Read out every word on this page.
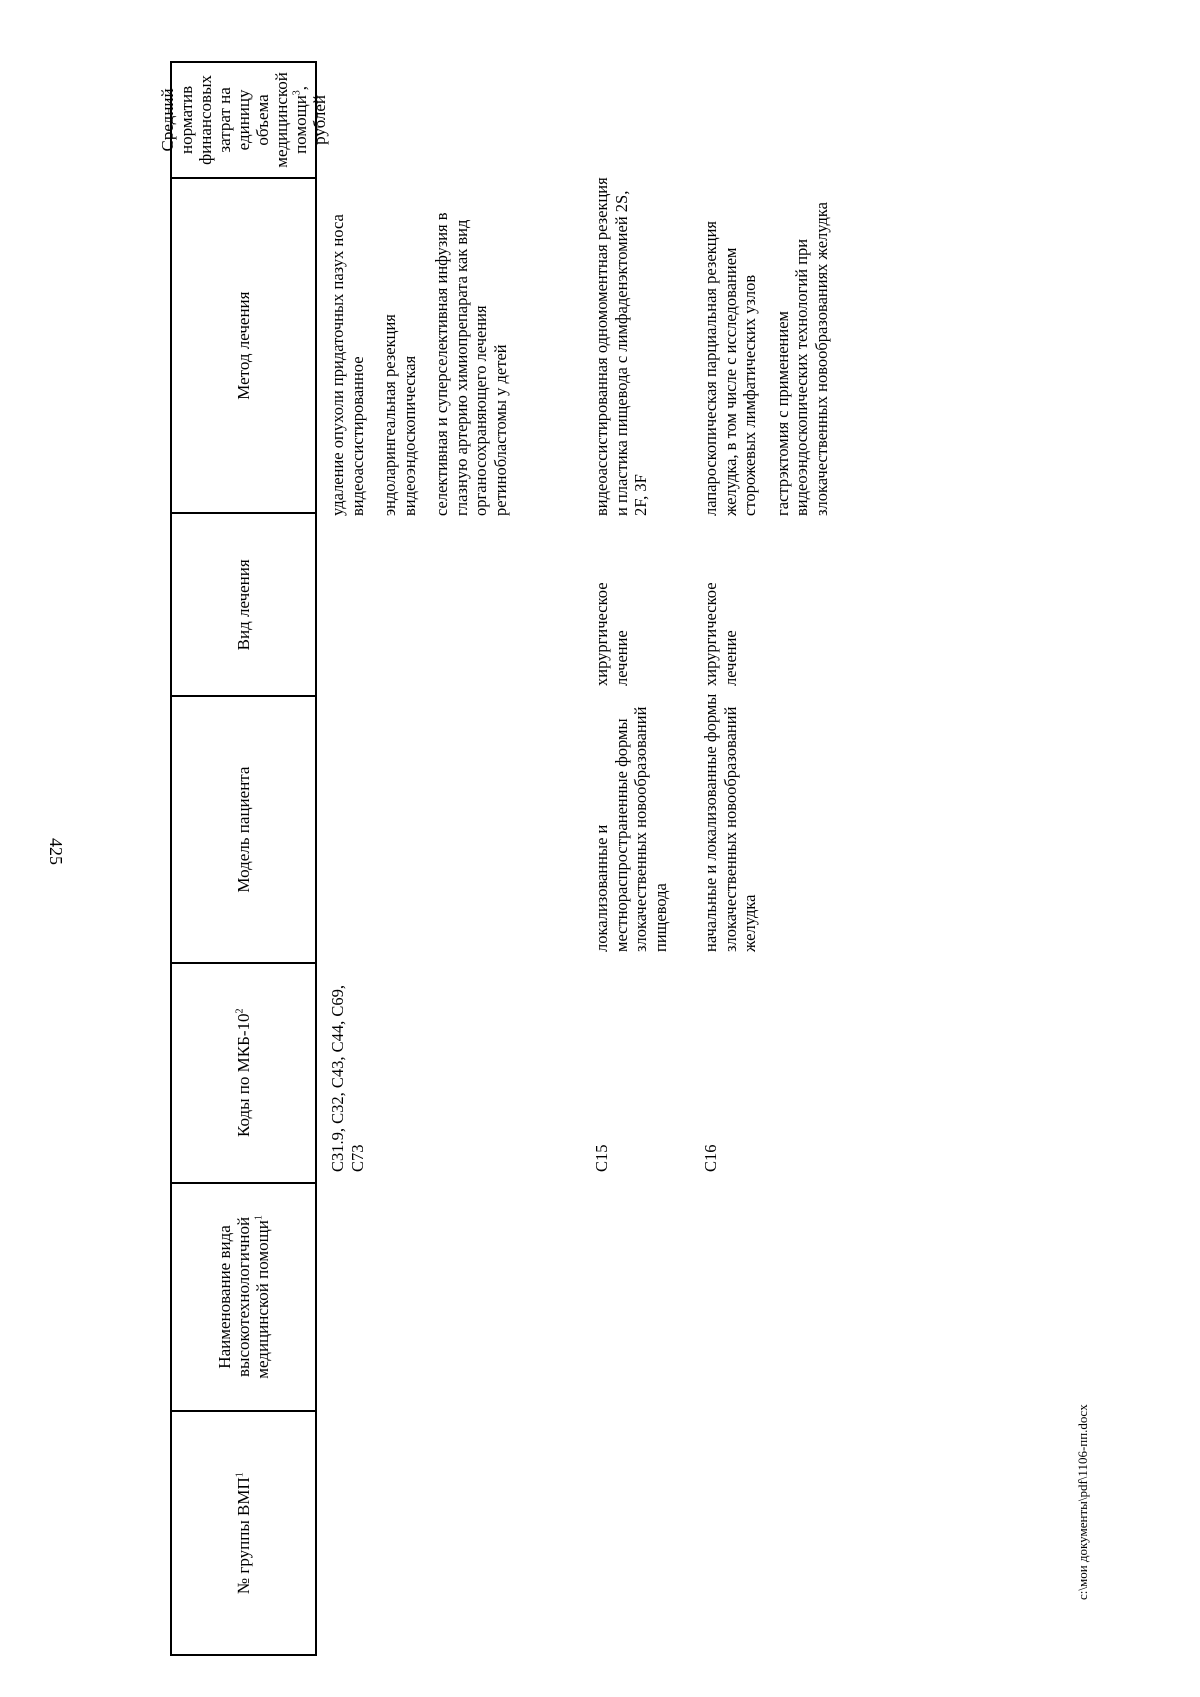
425
№ группы ВМП$^1$
Наименование вида высокотехнологичной медицинской помощи$^1$
Коды по МКБ-$10^2$
Модель пациента
Вид лечения
Метод лечения
Средний норматив финансовых затрат на единицу объема медицинской помощи$^3$, рублей
C31.9, C32, C43, C44, C69, C73
удаление опухоли придаточных пазух носа видеоассистированное эндоларингеальная резекция видеоэндоскопическая селективная и суперселективная инфузия в глазную артерию химиопрепарата как вид органосохраняющего лечения ретинобластомы у детей
C15
локализованные и местнораспространенные формы злокачественных новообразований пищевода
хирургическое лечение
видеоассистированная одномоментная резекция и пластика пищевода с лимфаденэктомией 2S, 2F, 3F
C16
начальные и локализованные формы злокачественных новообразований желудка
хирургическое лечение
лапароскопическая парциальная резекция желудка, в том числе с исследованием сторожевых лимфатических узлов гастрэктомия с применением видеоэндоскопических технологий при злокачественных новообразованиях желудка
c:\мои документы\pdf\1106-пп.docx
